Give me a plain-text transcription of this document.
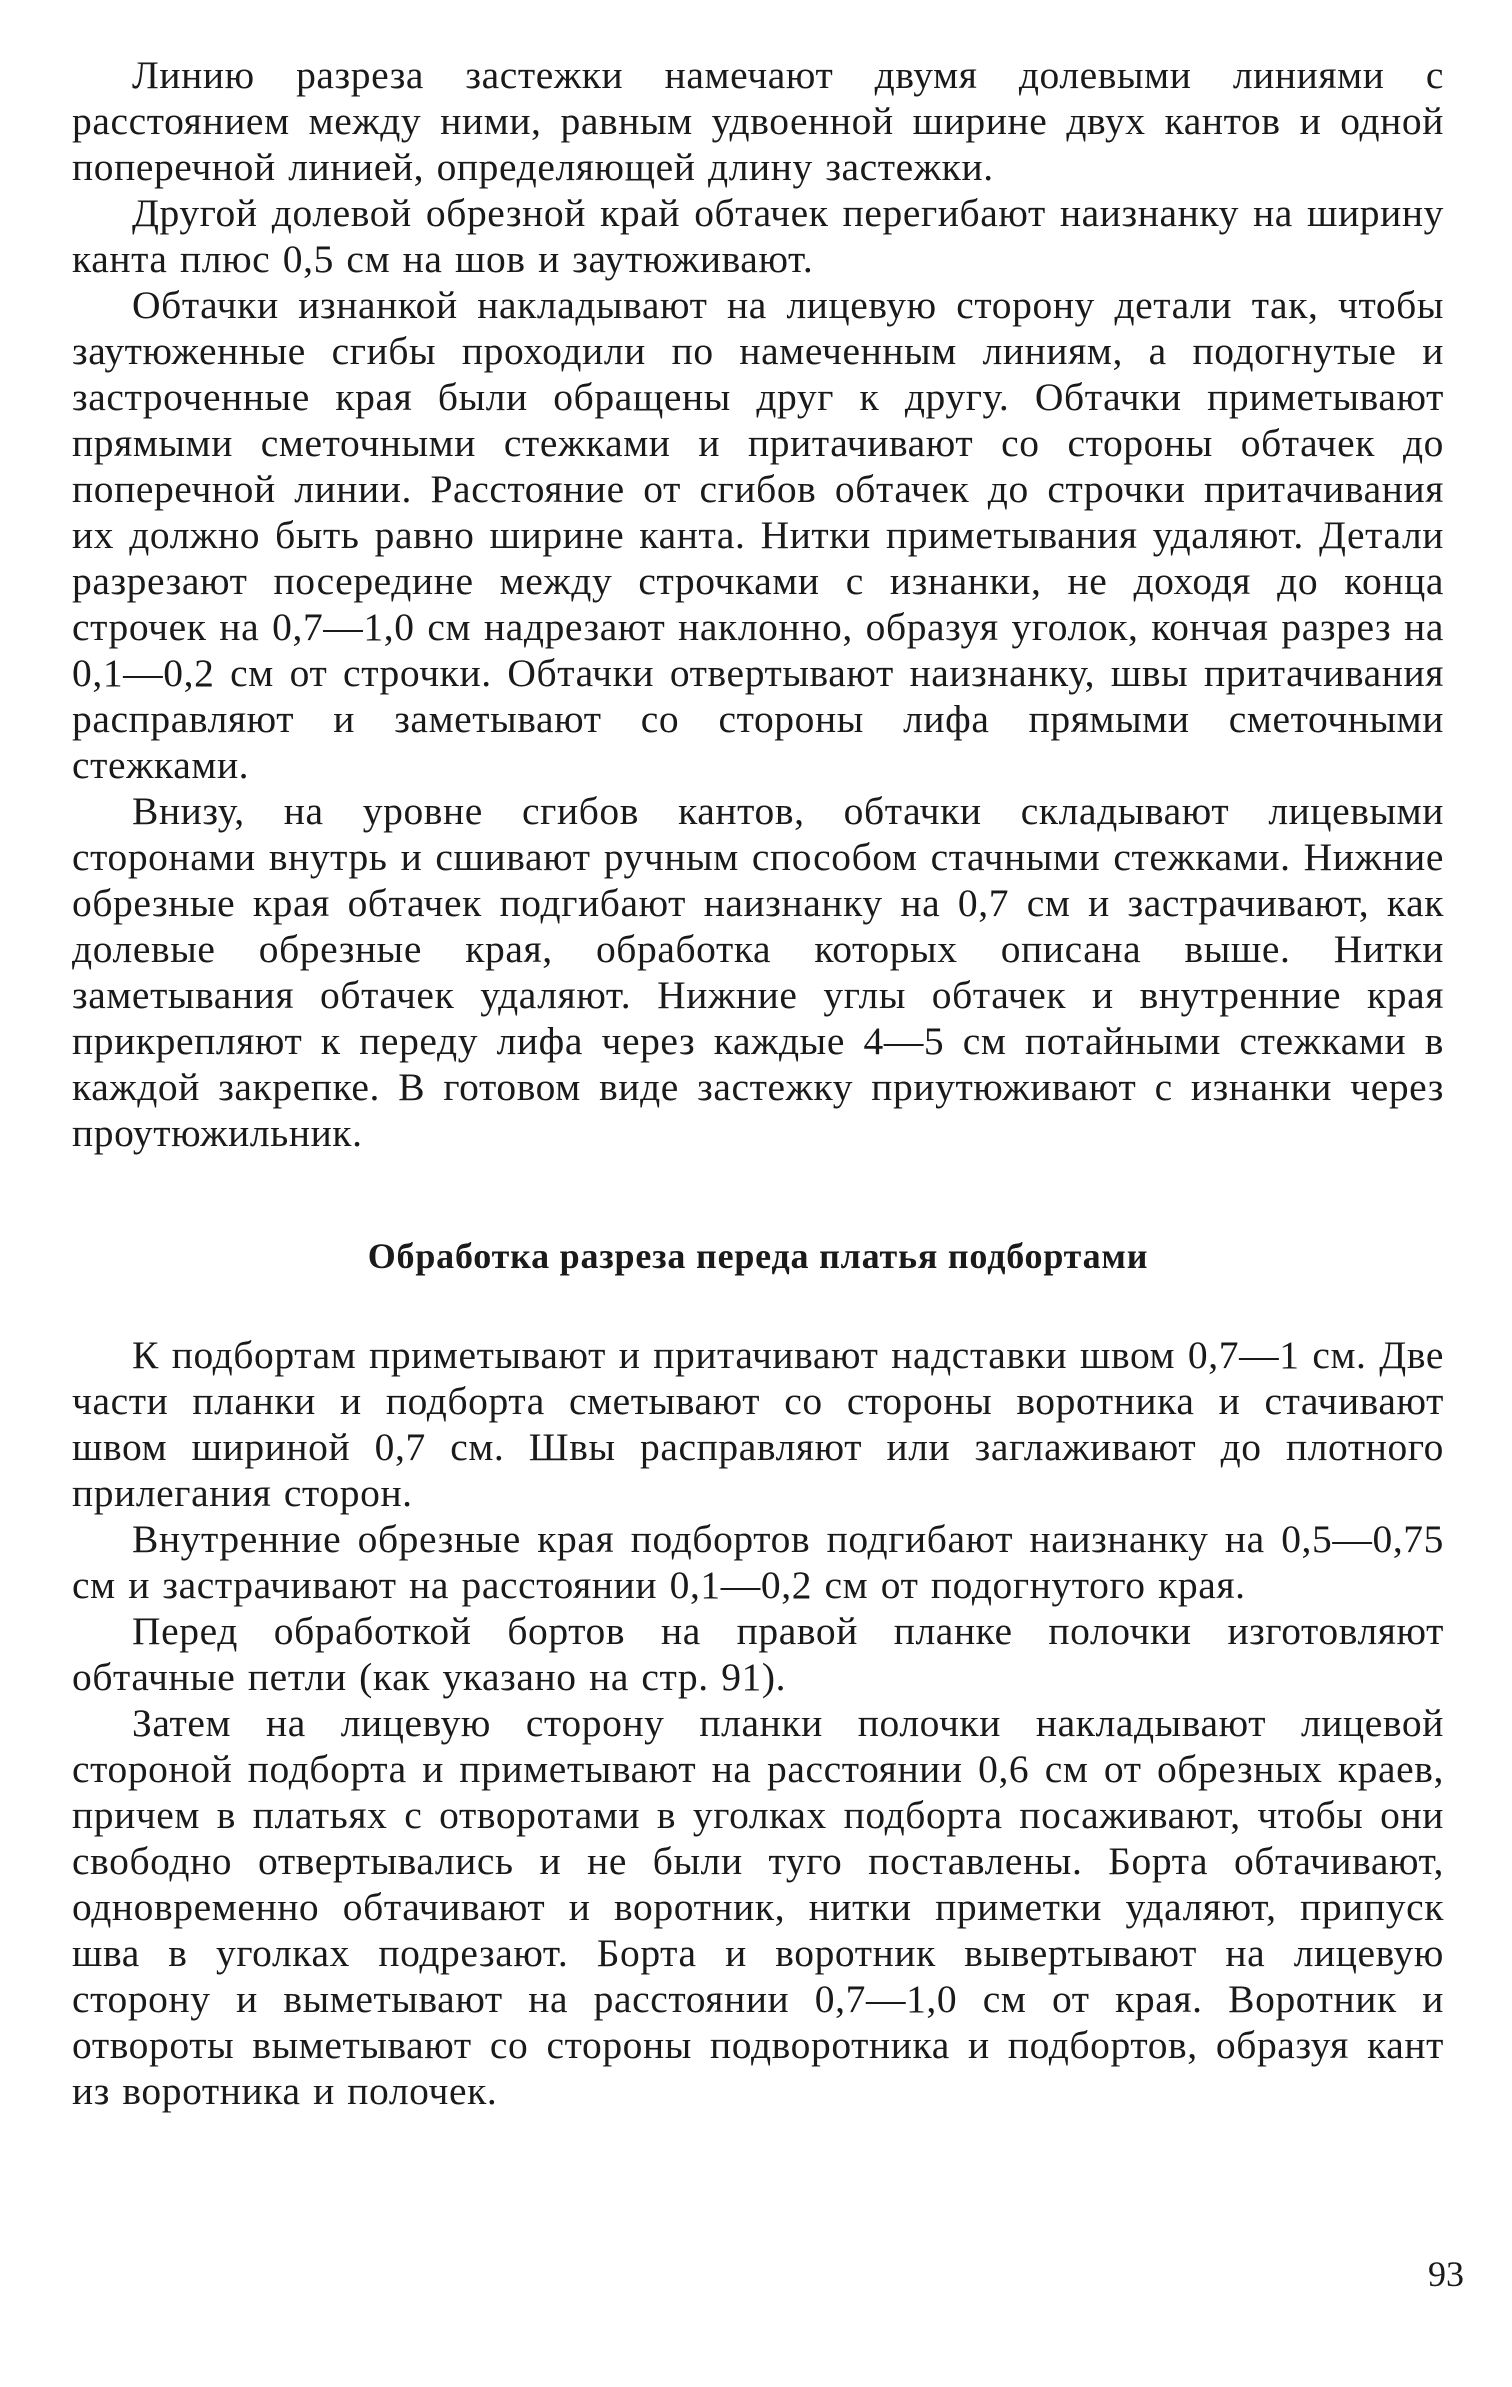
Линию разреза застежки намечают двумя долевыми линиями с расстоянием между ними, равным удвоенной ширине двух кантов и одной поперечной линией, определяющей длину застежки.

Другой долевой обрезной край обтачек перегибают наизнанку на ширину канта плюс 0,5 см на шов и заутюживают.

Обтачки изнанкой накладывают на лицевую сторону детали так, чтобы заутюженные сгибы проходили по намеченным линиям, а подогнутые и застроченные края были обращены друг к другу. Обтачки приметывают прямыми сметочными стежками и притачивают со стороны обтачек до поперечной линии. Расстояние от сгибов обтачек до строчки притачивания их должно быть равно ширине канта. Нитки приметывания удаляют. Детали разрезают посередине между строчками с изнанки, не доходя до конца строчек на 0,7—1,0 см надрезают наклонно, образуя уголок, кончая разрез на 0,1—0,2 см от строчки. Обтачки отвертывают наизнанку, швы притачивания расправляют и заметывают со стороны лифа прямыми сметочными стежками.

Внизу, на уровне сгибов кантов, обтачки складывают лицевыми сторонами внутрь и сшивают ручным способом стачными стежками. Нижние обрезные края обтачек подгибают наизнанку на 0,7 см и застрачивают, как долевые обрезные края, обработка которых описана выше. Нитки заметывания обтачек удаляют. Нижние углы обтачек и внутренние края прикрепляют к переду лифа через каждые 4—5 см потайными стежками в каждой закрепке. В готовом виде застежку приутюживают с изнанки через проутюжильник.

Обработка разреза переда платья подбортами

К подбортам приметывают и притачивают надставки швом 0,7—1 см. Две части планки и подборта сметывают со стороны воротника и стачивают швом шириной 0,7 см. Швы расправляют или заглаживают до плотного прилегания сторон.

Внутренние обрезные края подбортов подгибают наизнанку на 0,5—0,75 см и застрачивают на расстоянии 0,1—0,2 см от подогнутого края.

Перед обработкой бортов на правой планке полочки изготовляют обтачные петли (как указано на стр. 91).

Затем на лицевую сторону планки полочки накладывают лицевой стороной подборта и приметывают на расстоянии 0,6 см от обрезных краев, причем в платьях с отворотами в уголках подборта посаживают, чтобы они свободно отвертывались и не были туго поставлены. Борта обтачивают, одновременно обтачивают и воротник, нитки приметки удаляют, припуск шва в уголках подрезают. Борта и воротник вывертывают на лицевую сторону и выметывают на расстоянии 0,7—1,0 см от края. Воротник и отвороты выметывают со стороны подворотника и подбортов, образуя кант из воротника и полочек.

93
